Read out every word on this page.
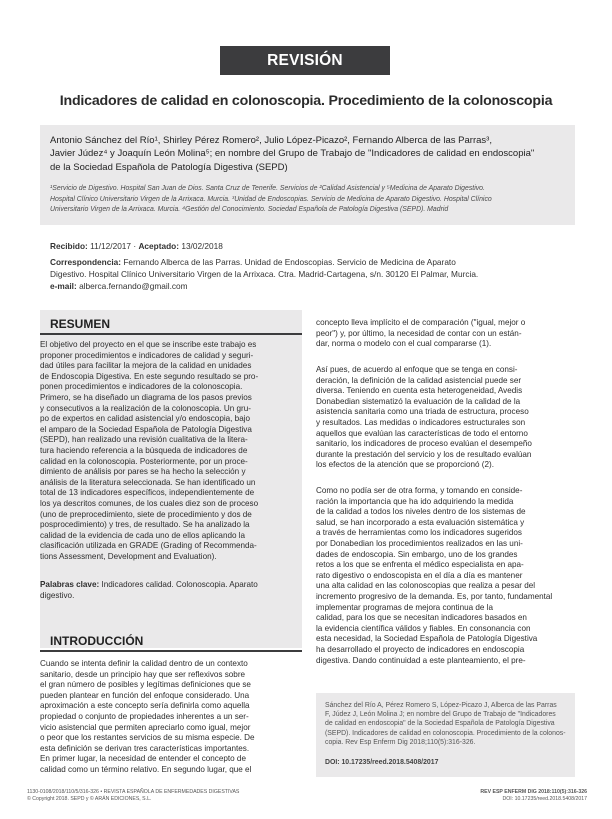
REVISIÓN
Indicadores de calidad en colonoscopia. Procedimiento de la colonoscopia
Antonio Sánchez del Río¹, Shirley Pérez Romero², Julio López-Picazo², Fernando Alberca de las Parras³,
Javier Júdez⁴ y Joaquín León Molina⁵; en nombre del Grupo de Trabajo de "Indicadores de calidad en endoscopia"
de la Sociedad Española de Patología Digestiva (SEPD)
¹Servicio de Digestivo. Hospital San Juan de Dios. Santa Cruz de Tenerife. Servicios de ²Calidad Asistencial y ⁵Medicina de Aparato Digestivo.
Hospital Clínico Universitario Virgen de la Arrixaca. Murcia. ³Unidad de Endoscopias. Servicio de Medicina de Aparato Digestivo. Hospital Clínico
Universitario Virgen de la Arrixaca. Murcia. ⁴Gestión del Conocimiento. Sociedad Española de Patología Digestiva (SEPD). Madrid
Recibido: 11/12/2017 · Aceptado: 13/02/2018
Correspondencia: Fernando Alberca de las Parras. Unidad de Endoscopias. Servicio de Medicina de Aparato
Digestivo. Hospital Clínico Universitario Virgen de la Arrixaca. Ctra. Madrid-Cartagena, s/n. 30120 El Palmar, Murcia.
e-mail: alberca.fernando@gmail.com
RESUMEN
El objetivo del proyecto en el que se inscribe este trabajo es
proponer procedimientos e indicadores de calidad y seguri-
dad útiles para facilitar la mejora de la calidad en unidades
de Endoscopia Digestiva. En este segundo resultado se pro-
ponen procedimientos e indicadores de la colonoscopia.
Primero, se ha diseñado un diagrama de los pasos previos
y consecutivos a la realización de la colonoscopia. Un gru-
po de expertos en calidad asistencial y/o endoscopia, bajo
el amparo de la Sociedad Española de Patología Digestiva
(SEPD), han realizado una revisión cualitativa de la litera-
tura haciendo referencia a la búsqueda de indicadores de
calidad en la colonoscopia. Posteriormente, por un proce-
dimiento de análisis por pares se ha hecho la selección y
análisis de la literatura seleccionada. Se han identificado un
total de 13 indicadores específicos, independientemente de
los ya descritos comunes, de los cuales diez son de proceso
(uno de preprocedimiento, siete de procedimiento y dos de
posprocedimiento) y tres, de resultado. Se ha analizado la
calidad de la evidencia de cada uno de ellos aplicando la
clasificación utilizada en GRADE (Grading of Recommenda-
tions Assessment, Development and Evaluation).
Palabras clave: Indicadores calidad. Colonoscopia. Aparato
digestivo.
INTRODUCCIÓN
Cuando se intenta definir la calidad dentro de un contexto
sanitario, desde un principio hay que ser reflexivos sobre
el gran número de posibles y legítimas definiciones que se
pueden plantear en función del enfoque considerado. Una
aproximación a este concepto sería definirla como aquella
propiedad o conjunto de propiedades inherentes a un ser-
vicio asistencial que permiten apreciarlo como igual, mejor
o peor que los restantes servicios de su misma especie. De
esta definición se derivan tres características importantes.
En primer lugar, la necesidad de entender el concepto de
calidad como un término relativo. En segundo lugar, que el
concepto lleva implícito el de comparación ("igual, mejor o
peor") y, por último, la necesidad de contar con un están-
dar, norma o modelo con el cual compararse (1).
Así pues, de acuerdo al enfoque que se tenga en consi-
deración, la definición de la calidad asistencial puede ser
diversa. Teniendo en cuenta esta heterogeneidad, Avedis
Donabedian sistematizó la evaluación de la calidad de la
asistencia sanitaria como una triada de estructura, proceso
y resultados. Las medidas o indicadores estructurales son
aquellos que evalúan las características de todo el entorno
sanitario, los indicadores de proceso evalúan el desempeño
durante la prestación del servicio y los de resultado evalúan
los efectos de la atención que se proporcionó (2).
Como no podía ser de otra forma, y tomando en conside-
ración la importancia que ha ido adquiriendo la medida
de la calidad a todos los niveles dentro de los sistemas de
salud, se han incorporado a esta evaluación sistemática y
a través de herramientas como los indicadores sugeridos
por Donabedian los procedimientos realizados en las uni-
dades de endoscopia. Sin embargo, uno de los grandes
retos a los que se enfrenta el médico especialista en apa-
rato digestivo o endoscopista en el día a día es mantener
una alta calidad en las colonoscopias que realiza a pesar del
incremento progresivo de la demanda. Es, por tanto, fundamental
implementar programas de mejora continua de la
calidad, para los que se necesitan indicadores basados en
la evidencia científica válidos y fiables. En consonancia con
esta necesidad, la Sociedad Española de Patología Digestiva
ha desarrollado el proyecto de indicadores en endoscopia
digestiva. Dando continuidad a este planteamiento, el pre-
Sánchez del Río A, Pérez Romero S, López-Picazo J, Alberca de las Parras
F, Júdez J, León Molina J; en nombre del Grupo de Trabajo de "Indicadores
de calidad en endoscopia" de la Sociedad Española de Patología Digestiva
(SEPD). Indicadores de calidad en colonoscopia. Procedimiento de la colonos-
copia. Rev Esp Enferm Dig 2018;110(5):316-326.
DOI: 10.17235/reed.2018.5408/2017
1130-0108/2018/110/5/316-326 • REVISTA ESPAÑOLA DE ENFERMEDADES DIGESTIVAS
© Copyright 2018. SEPD y © ARÁN EDICIONES, S.L.
REV ESP ENFERM DIG 2018:110(5):316-326
DOI: 10.17235/reed.2018.5408/2017
